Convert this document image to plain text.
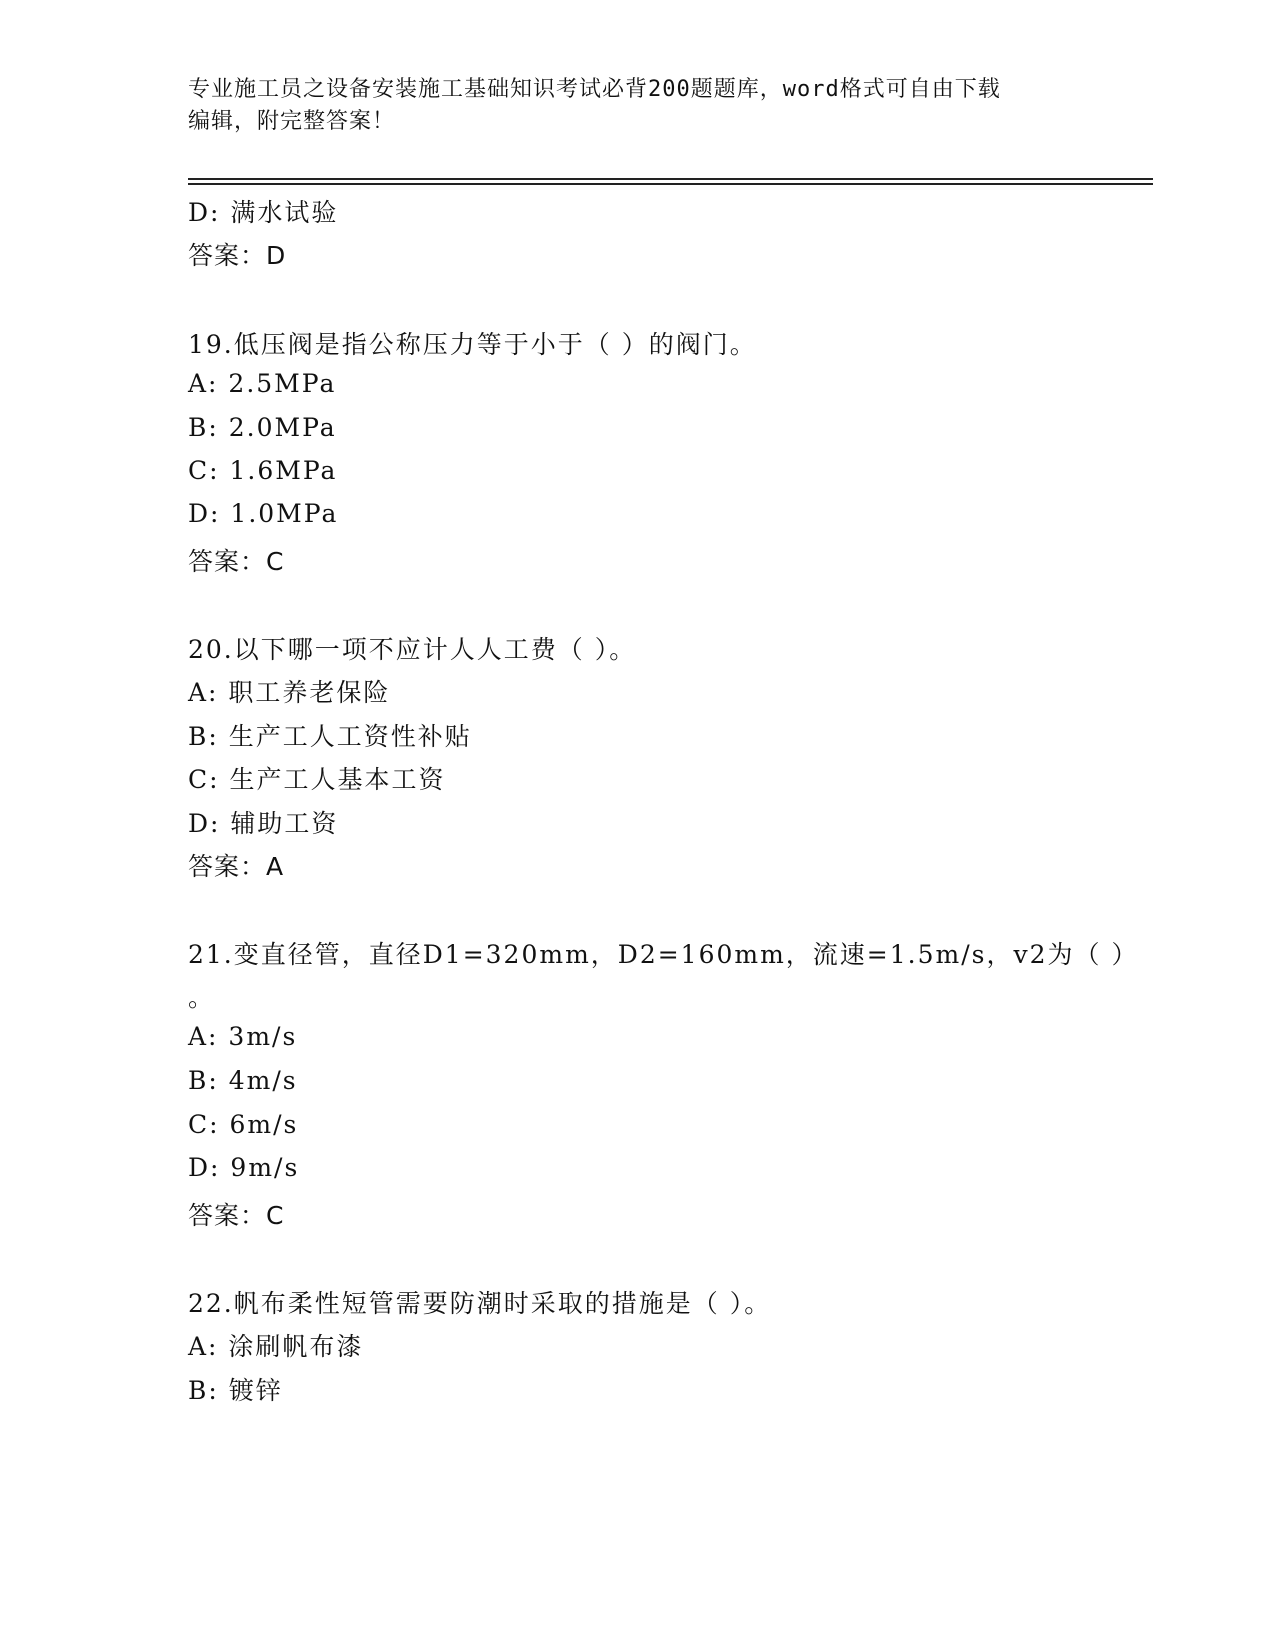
专业施工员之设备安装施工基础知识考试必背200题题库，word格式可自由下载
编辑，附完整答案！
D: 满水试验
答案：D
19.低压阀是指公称压力等于小于（ ）的阀门。
A: 2.5MPa
B: 2.0MPa
C: 1.6MPa
D: 1.0MPa
答案：C
20.以下哪一项不应计人人工费（ ）。
A: 职工养老保险
B: 生产工人工资性补贴
C: 生产工人基本工资
D: 辅助工资
答案：A
21.变直径管，直径D1=320mm，D2=160mm，流速=1.5m/s，v2为（ ）
。
A: 3m/s
B: 4m/s
C: 6m/s
D: 9m/s
答案：C
22.帆布柔性短管需要防潮时采取的措施是（ ）。
A: 涂刷帆布漆
B: 镀锌
